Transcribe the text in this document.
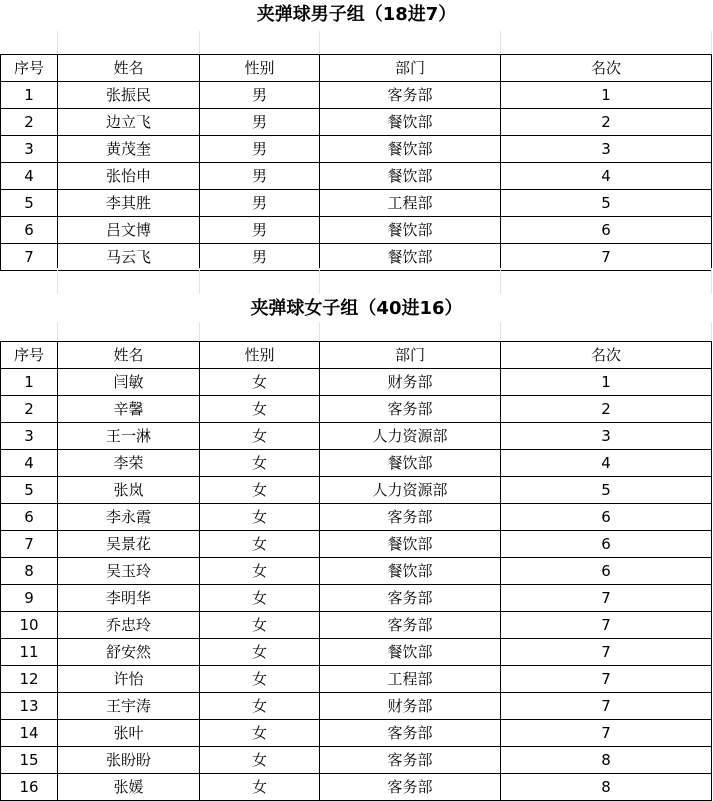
夹弹球男子组（18进7）
序号	姓名	性别	部门	名次
1	张振民	男	客务部	1
2	边立飞	男	餐饮部	2
3	黄茂奎	男	餐饮部	3
4	张怡申	男	餐饮部	4
5	李其胜	男	工程部	5
6	吕文博	男	餐饮部	6
7	马云飞	男	餐饮部	7
夹弹球女子组（40进16）
序号	姓名	性别	部门	名次
1	闫敏	女	财务部	1
2	辛馨	女	客务部	2
3	王一淋	女	人力资源部	3
4	李荣	女	餐饮部	4
5	张岚	女	人力资源部	5
6	李永霞	女	客务部	6
7	吴景花	女	餐饮部	6
8	吴玉玲	女	餐饮部	6
9	李明华	女	客务部	7
10	乔忠玲	女	客务部	7
11	舒安然	女	餐饮部	7
12	许怡	女	工程部	7
13	王宇涛	女	财务部	7
14	张叶	女	客务部	7
15	张盼盼	女	客务部	8
16	张媛	女	客务部	8
